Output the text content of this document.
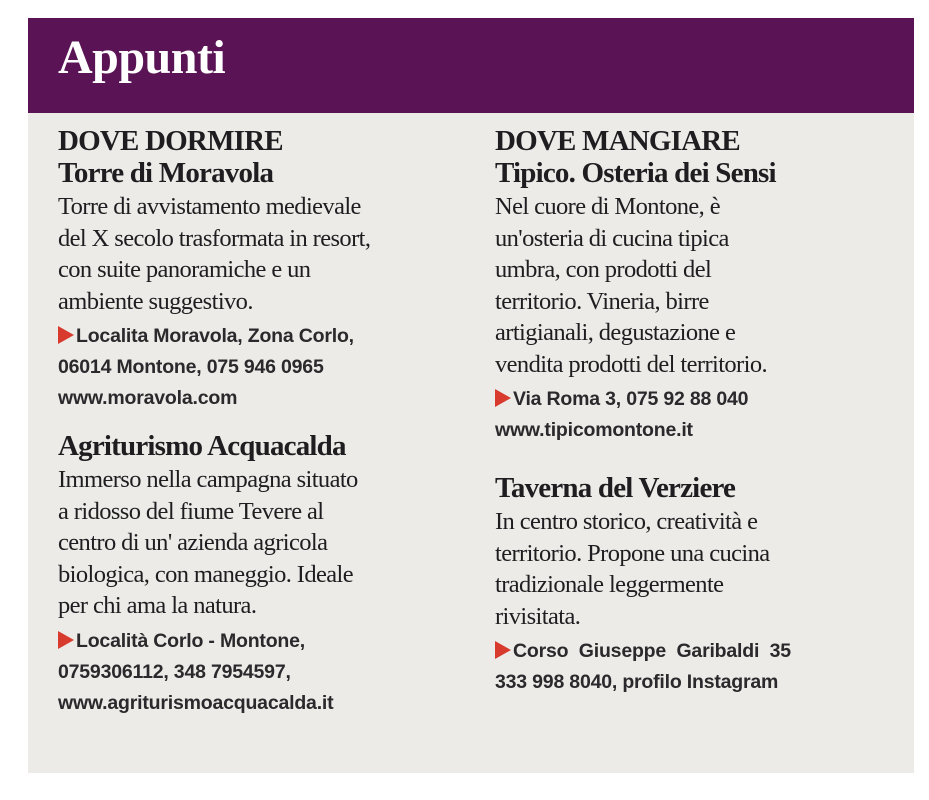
Appunti
DOVE DORMIRE
Torre di Moravola
Torre di avvistamento medievale
del X secolo trasformata in resort,
con suite panoramiche e un
ambiente suggestivo.
Localita Moravola, Zona Corlo,
06014 Montone, 075 946 0965
www.moravola.com
Agriturismo Acquacalda
Immerso nella campagna situato
a ridosso del fiume Tevere al
centro di un' azienda agricola
biologica, con maneggio. Ideale
per chi ama la natura.
Località Corlo - Montone,
0759306112, 348 7954597,
www.agriturismoacquacalda.it
DOVE MANGIARE
Tipico. Osteria dei Sensi
Nel cuore di Montone, è
un'osteria di cucina tipica
umbra, con prodotti del
territorio. Vineria, birre
artigianali, degustazione e
vendita prodotti del territorio.
Via Roma 3, 075 92 88 040
www.tipicomontone.it
Taverna del Verziere
In centro storico, creatività e
territorio. Propone una cucina
tradizionale leggermente
rivisitata.
Corso  Giuseppe  Garibaldi  35
333 998 8040, profilo Instagram
